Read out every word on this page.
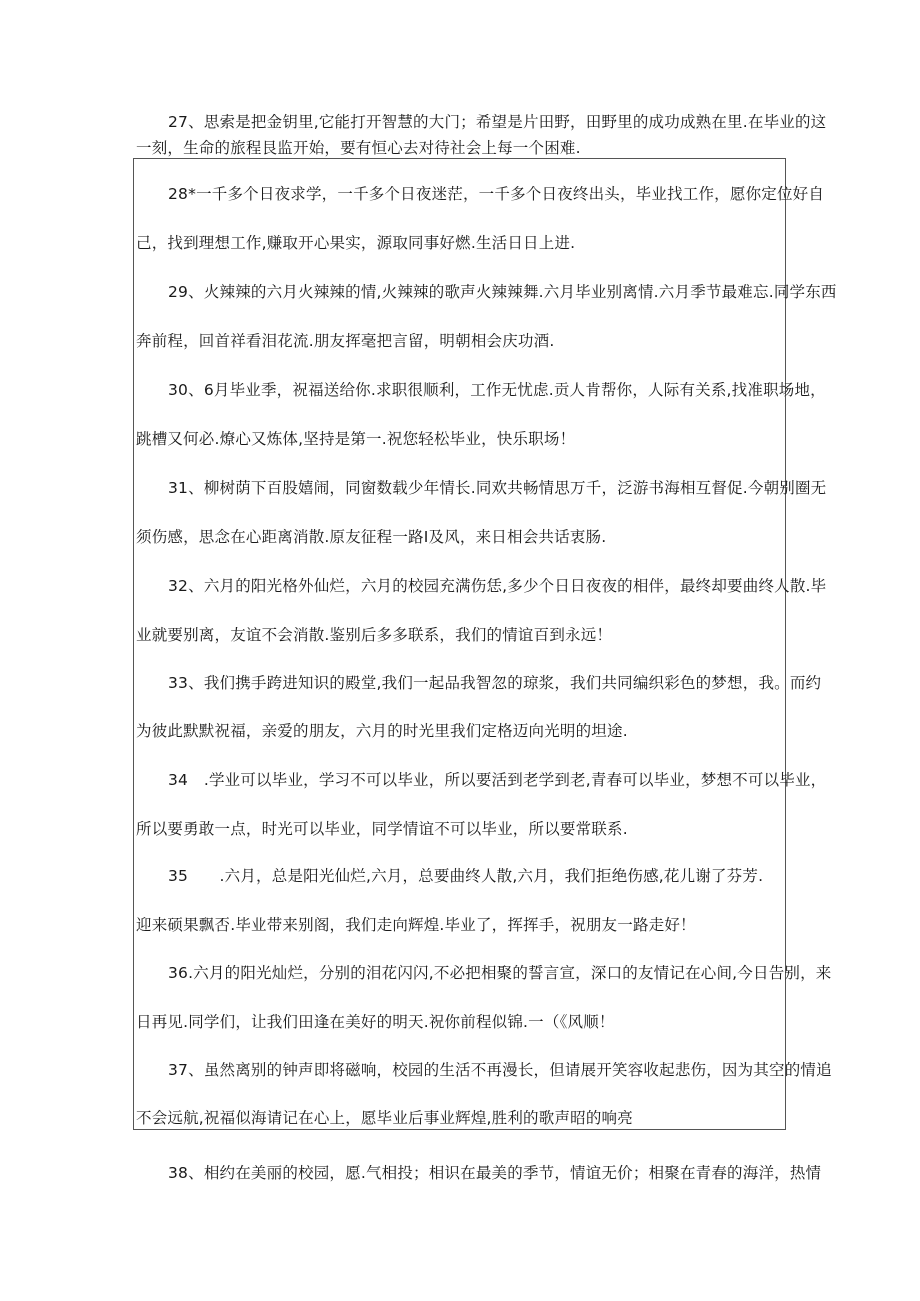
27、思索是把金钥里,它能打开智慧的大门；希望是片田野，田野里的成功成熟在里.在毕业的这
一刻，生命的旅程艮监开始，要有恒心去对待社会上每一个困难.
28*一千多个日夜求学，一千多个日夜迷茫，一千多个日夜终出头，毕业找工作，愿你定位好自
己，找到理想工作,赚取开心果实，源取同事好燃.生活日日上进.
29、火辣辣的六月火辣辣的情,火辣辣的歌声火辣辣舞.六月毕业别离情.六月季节最难忘.同学东西
奔前程，回首祥看泪花流.朋友挥毫把言留，明朝相会庆功酒.
30、6月毕业季，祝福送给你.求职很顺利，工作无忧虑.贡人肯帮你，人际有关系,找准职场地，
跳槽又何必.燎心又炼体,坚持是第一.祝您轻松毕业，快乐职场！
31、柳树荫下百股嬉闹，同窗数载少年情长.同欢共畅情思万千，泛游书海相互督促.今朝别圈无
须伤感，思念在心距离消散.原友征程一路I及风，来日相会共话衷肠.
32、六月的阳光格外仙烂，六月的校园充满伤恁,多少个日日夜夜的相伴，最终却要曲终人散.毕
业就要别离，友谊不会消散.鉴别后多多联系，我们的情谊百到永远！
33、我们携手跨进知识的殿堂,我们一起品我智忽的琼浆，我们共同编织彩色的梦想，我。而约
为彼此默默祝福，亲爱的朋友，六月的时光里我们定格迈向光明的坦途.
34　.学业可以毕业，学习不可以毕业，所以要活到老学到老,青春可以毕业，梦想不可以毕业，
所以要勇敢一点，时光可以毕业，同学情谊不可以毕业，所以要常联系.
35　　.六月，总是阳光仙烂,六月，总要曲终人散,六月，我们拒绝伤感,花儿谢了芬芳.
迎来硕果飘否.毕业带来别阁，我们走向辉煌.毕业了，挥挥手，祝朋友一路走好！
36.六月的阳光灿烂，分别的泪花闪闪,不必把相聚的誓言宣，深口的友情记在心间,今日告别，来
日再见.同学们，让我们田逢在美好的明天.祝你前程似锦.一（《风顺！
37、虽然离别的钟声即将磁响，校园的生活不再漫长，但请展开笑容收起悲伤，因为其空的情追
不会远航,祝福似海请记在心上，愿毕业后事业辉煌,胜利的歌声昭的响亮
38、相约在美丽的校园，愿.气相投；相识在最美的季节，情谊无价；相聚在青春的海洋，热情
